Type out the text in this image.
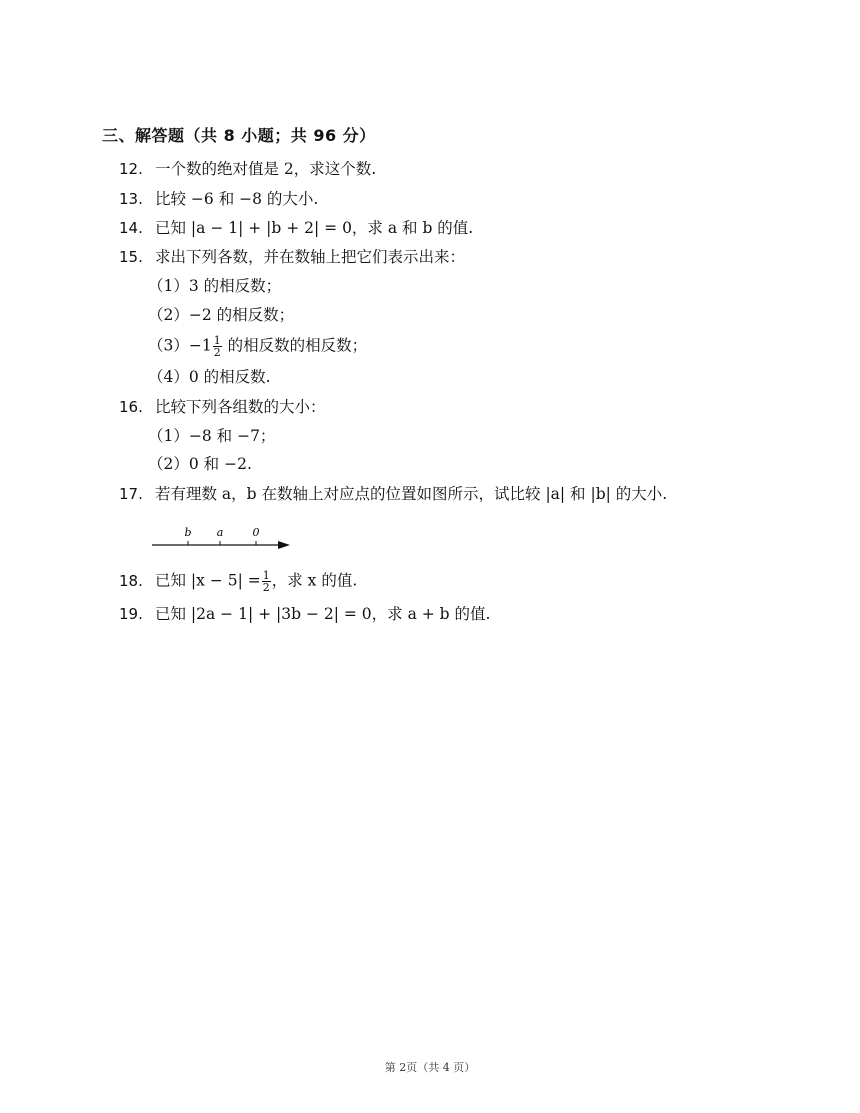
三、解答题（共 8 小题；共 96 分）
12. 一个数的绝对值是 2，求这个数.
13. 比较 −6 和 −8 的大小.
14. 已知 |a − 1| + |b + 2| = 0，求 a 和 b 的值.
15. 求出下列各数，并在数轴上把它们表示出来：
（1）3 的相反数；
（2）−2 的相反数；
$(3)-1 \frac{1}{2}$ 的相反数的相反数；
（4）0 的相反数.
16. 比较下列各组数的大小：
（1）−8 和 −7；
（2）0 和 −2.
17. 若有理数 a，b 在数轴上对应点的位置如图所示，试比较 |a| 和 |b| 的大小.
b a	0
18. 已知 $|x - 5| = \frac{1}{2}$ ，求 x 的值.
19. 已知 |2a − 1| + |3b − 2| = 0，求 a + b 的值.
第 2页（共 4 页）
